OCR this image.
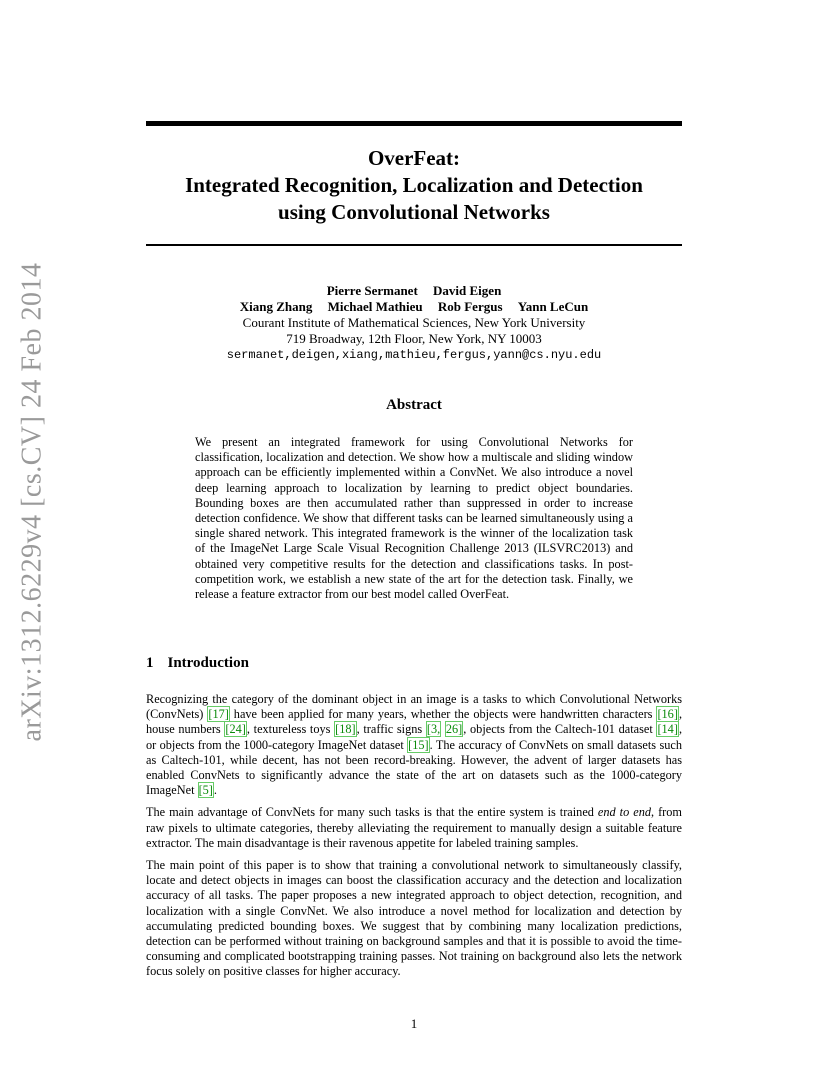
arXiv:1312.6229v4 [cs.CV] 24 Feb 2014
OverFeat:
Integrated Recognition, Localization and Detection
using Convolutional Networks
Pierre Sermanet David Eigen
Xiang Zhang Michael Mathieu Rob Fergus Yann LeCun
Courant Institute of Mathematical Sciences, New York University
719 Broadway, 12th Floor, New York, NY 10003
sermanet,deigen,xiang,mathieu,fergus,yann@cs.nyu.edu
Abstract
We present an integrated framework for using Convolutional Networks for classification, localization and detection. We show how a multiscale and sliding window approach can be efficiently implemented within a ConvNet. We also introduce a novel deep learning approach to localization by learning to predict object boundaries. Bounding boxes are then accumulated rather than suppressed in order to increase detection confidence. We show that different tasks can be learned simultaneously using a single shared network. This integrated framework is the winner of the localization task of the ImageNet Large Scale Visual Recognition Challenge 2013 (ILSVRC2013) and obtained very competitive results for the detection and classifications tasks. In post-competition work, we establish a new state of the art for the detection task. Finally, we release a feature extractor from our best model called OverFeat.
1 Introduction

Recognizing the category of the dominant object in an image is a tasks to which Convolutional Networks (ConvNets) [17] have been applied for many years, whether the objects were handwritten characters [16], house numbers [24], textureless toys [18], traffic signs [3, 26], objects from the Caltech-101 dataset [14], or objects from the 1000-category ImageNet dataset [15]. The accuracy of ConvNets on small datasets such as Caltech-101, while decent, has not been record-breaking. However, the advent of larger datasets has enabled ConvNets to significantly advance the state of the art on datasets such as the 1000-category ImageNet [5].

The main advantage of ConvNets for many such tasks is that the entire system is trained end to end, from raw pixels to ultimate categories, thereby alleviating the requirement to manually design a suitable feature extractor. The main disadvantage is their ravenous appetite for labeled training samples.

The main point of this paper is to show that training a convolutional network to simultaneously classify, locate and detect objects in images can boost the classification accuracy and the detection and localization accuracy of all tasks. The paper proposes a new integrated approach to object detection, recognition, and localization with a single ConvNet. We also introduce a novel method for localization and detection by accumulating predicted bounding boxes. We suggest that by combining many localization predictions, detection can be performed without training on background samples and that it is possible to avoid the time-consuming and complicated bootstrapping training passes. Not training on background also lets the network focus solely on positive classes for higher accuracy.

1
